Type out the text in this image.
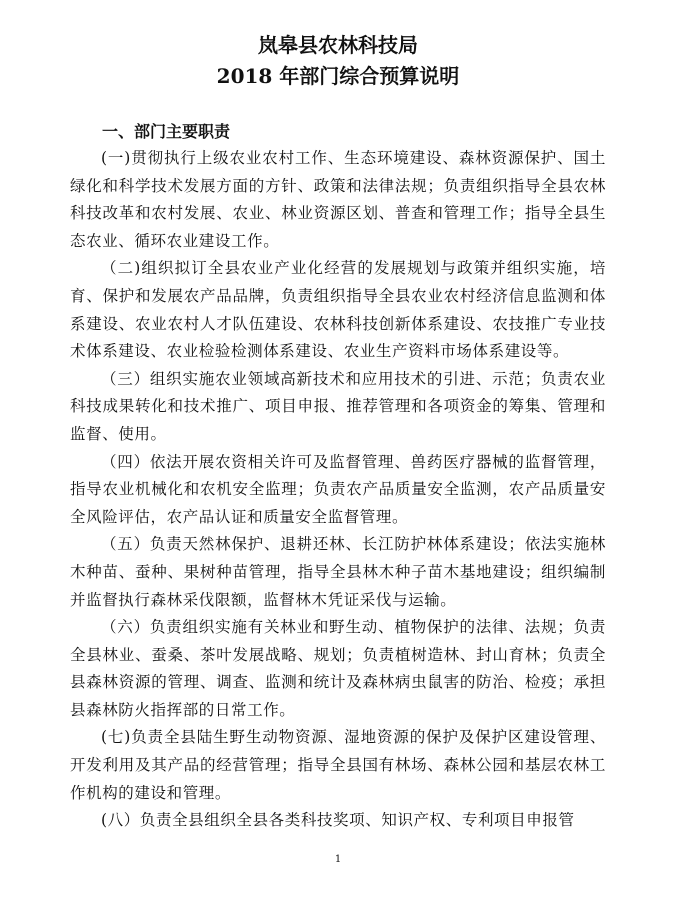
岚皋县农林科技局

2018 年部门综合预算说明

一、部门主要职责

(一)贯彻执行上级农业农村工作、生态环境建设、森林资源保护、国土绿化和科学技术发展方面的方针、政策和法律法规；负责组织指导全县农林科技改革和农村发展、农业、林业资源区划、普查和管理工作；指导全县生态农业、循环农业建设工作。

（二)组织拟订全县农业产业化经营的发展规划与政策并组织实施，培育、保护和发展农产品品牌，负责组织指导全县农业农村经济信息监测和体系建设、农业农村人才队伍建设、农林科技创新体系建设、农技推广专业技术体系建设、农业检验检测体系建设、农业生产资料市场体系建设等。

（三）组织实施农业领域高新技术和应用技术的引进、示范；负责农业科技成果转化和技术推广、项目申报、推荐管理和各项资金的筹集、管理和监督、使用。

（四）依法开展农资相关许可及监督管理、兽药医疗器械的监督管理，指导农业机械化和农机安全监理；负责农产品质量安全监测，农产品质量安全风险评估，农产品认证和质量安全监督管理。

（五）负责天然林保护、退耕还林、长江防护林体系建设；依法实施林木种苗、蚕种、果树种苗管理，指导全县林木种子苗木基地建设；组织编制并监督执行森林采伐限额，监督林木凭证采伐与运输。

（六）负责组织实施有关林业和野生动、植物保护的法律、法规；负责全县林业、蚕桑、茶叶发展战略、规划；负责植树造林、封山育林；负责全县森林资源的管理、调查、监测和统计及森林病虫鼠害的防治、检疫；承担县森林防火指挥部的日常工作。

(七)负责全县陆生野生动物资源、湿地资源的保护及保护区建设管理、开发利用及其产品的经营管理；指导全县国有林场、森林公园和基层农林工作机构的建设和管理。

(八）负责全县组织全县各类科技奖项、知识产权、专利项目申报管

1
